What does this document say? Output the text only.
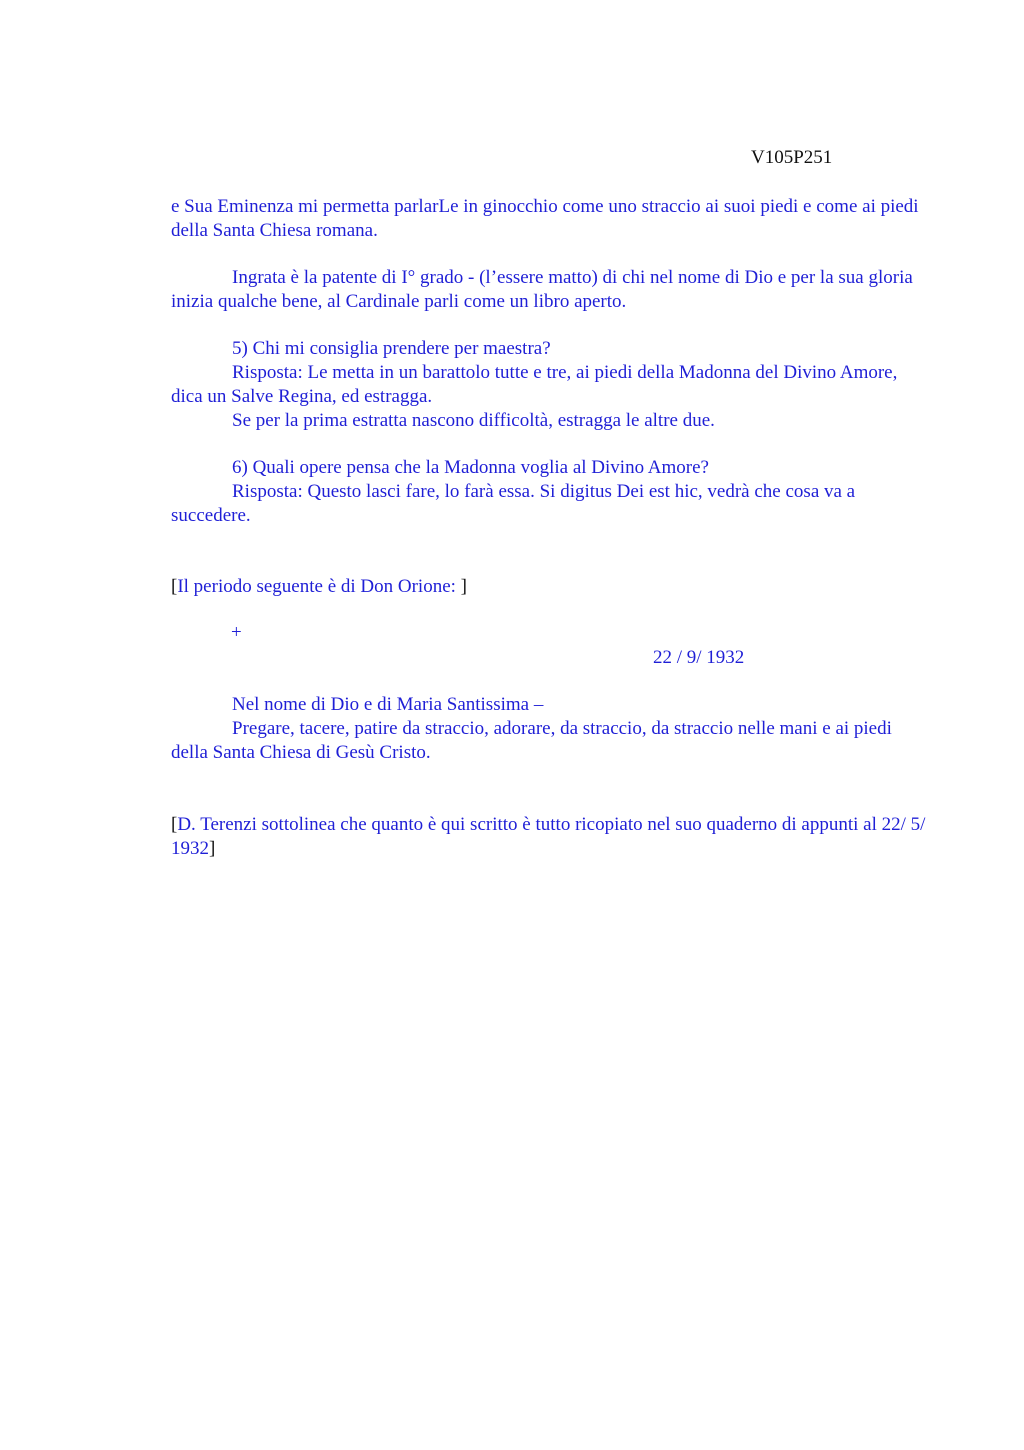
V105P251

e Sua Eminenza mi permetta parlarLe in ginocchio come uno straccio ai suoi piedi e come ai piedi della Santa Chiesa romana.

Ingrata è la patente di I° grado - (l’essere matto) di chi nel nome di Dio e per la sua gloria inizia qualche bene, al Cardinale parli come un libro aperto.

5) Chi mi consiglia prendere per maestra?

Risposta: Le metta in un barattolo tutte e tre, ai piedi della Madonna del Divino Amore, dica un Salve Regina, ed estragga.

Se per la prima estratta nascono difficoltà, estragga le altre due.

6) Quali opere pensa che la Madonna voglia al Divino Amore?

Risposta: Questo lasci fare, lo farà essa. Si digitus Dei est hic, vedrà che cosa va a succedere.

[Il periodo seguente è di Don Orione: ]

+
22 / 9/ 1932

Nel nome di Dio e di Maria Santissima –

Pregare, tacere, patire da straccio, adorare, da straccio, da straccio nelle mani e ai piedi della Santa Chiesa di Gesù Cristo.

[D. Terenzi sottolinea che quanto è qui scritto è tutto ricopiato nel suo quaderno di appunti al 22/ 5/ 1932]
